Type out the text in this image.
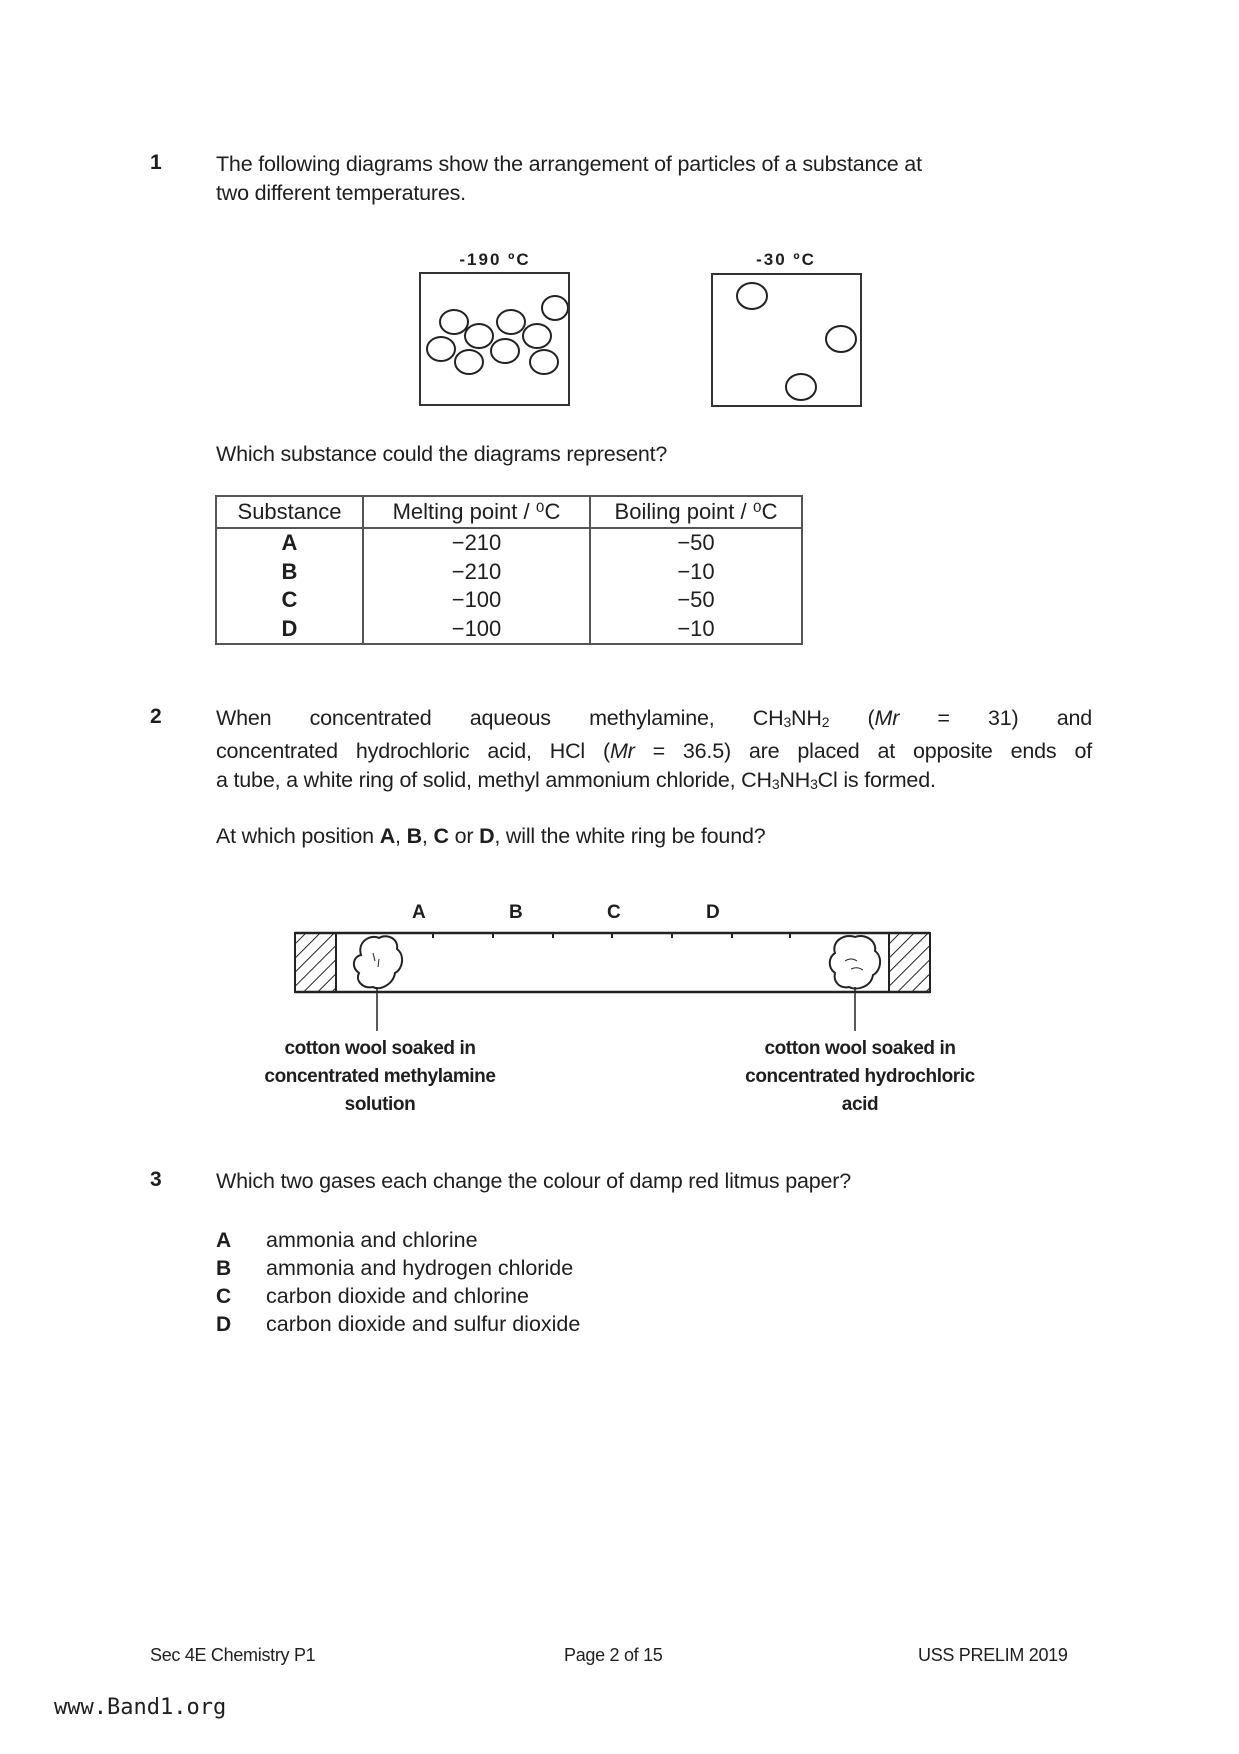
1	The following diagrams show the arrangement of particles of a substance at
two different temperatures.
-190 ºC	-30 ºC
Which substance could the diagrams represent?
Substance	Melting point / ⁰C	Boiling point / ⁰C
A	−210	−50
B	−210	−10
C	−100	−50
D	−100	−10
2	When concentrated aqueous methylamine, $CH_3NH_2$ (Mr = 31) and
concentrated hydrochloric acid, HCl (Mr = 36.5) are placed at opposite ends of
a tube, a white ring of solid, methyl ammonium chloride, $CH_3NH_3Cl$ is formed.
At which position A, B, C or D, will the white ring be found?
A	B	C	D
cotton wool soaked in
concentrated methylamine
solution
cotton wool soaked in
concentrated hydrochloric
acid
3	Which two gases each change the colour of damp red litmus paper?
A ammonia and chlorine
B ammonia and hydrogen chloride
C carbon dioxide and chlorine
D carbon dioxide and sulfur dioxide
Sec 4E Chemistry P1	Page 2 of 15	USS PRELIM 2019
www.Band1.org
